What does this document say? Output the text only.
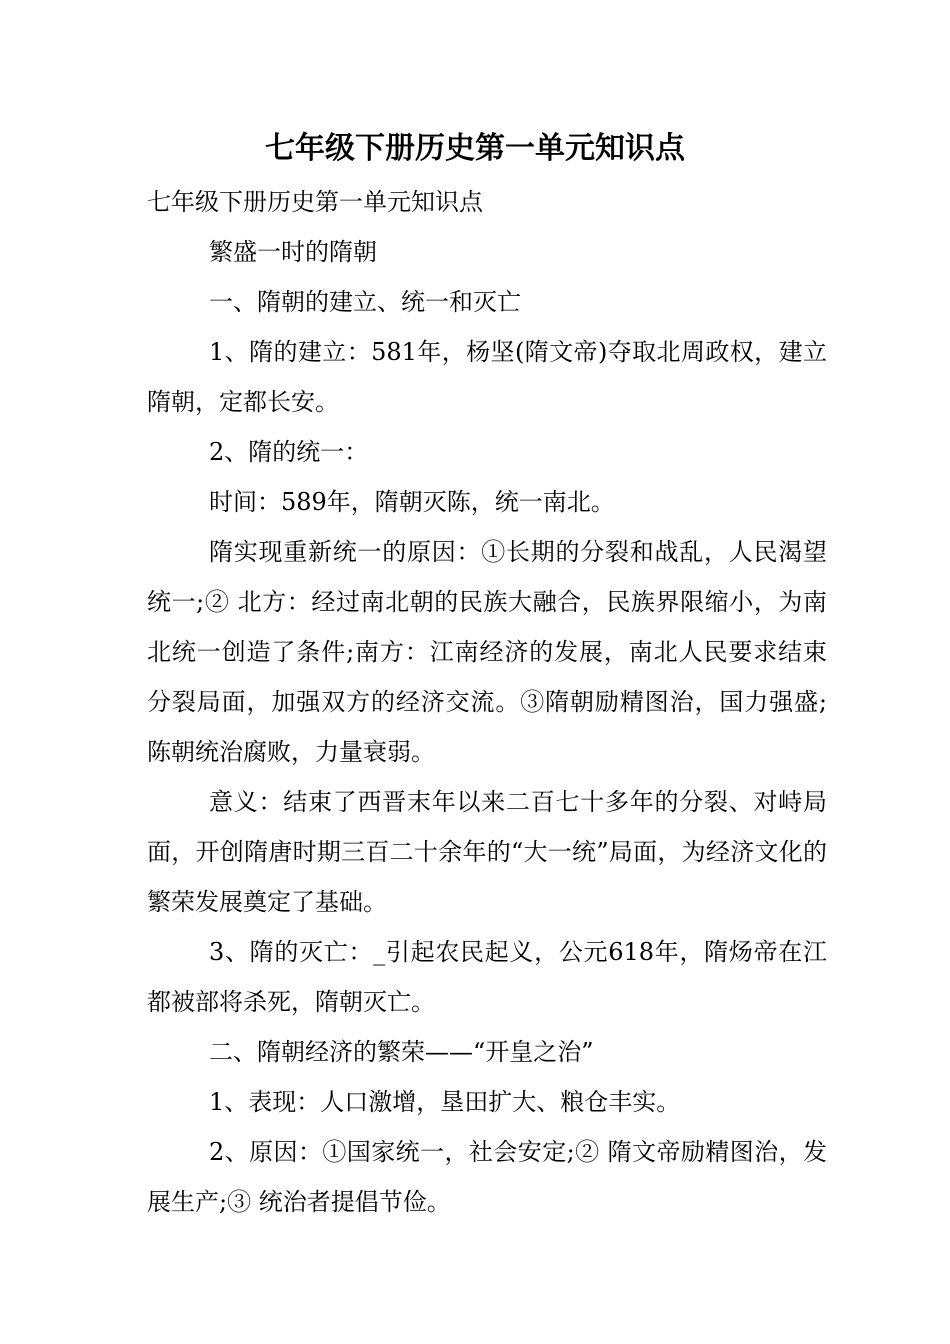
七年级下册历史第一单元知识点

七年级下册历史第一单元知识点

繁盛一时的隋朝

一、隋朝的建立、统一和灭亡

1、隋的建立：581年，杨坚(隋文帝)夺取北周政权，建立隋朝，定都长安。

2、隋的统一：

时间：589年，隋朝灭陈，统一南北。

隋实现重新统一的原因：①长期的分裂和战乱，人民渴望统一;② 北方：经过南北朝的民族大融合，民族界限缩小，为南北统一创造了条件;南方：江南经济的发展，南北人民要求结束分裂局面，加强双方的经济交流。③隋朝励精图治，国力强盛;陈朝统治腐败，力量衰弱。

意义：结束了西晋末年以来二百七十多年的分裂、对峙局面，开创隋唐时期三百二十余年的“大一统”局面，为经济文化的繁荣发展奠定了基础。

3、隋的灭亡：_引起农民起义，公元618年，隋炀帝在江都被部将杀死，隋朝灭亡。

二、隋朝经济的繁荣——“开皇之治”

1、表现：人口激增，垦田扩大、粮仓丰实。

2、原因：①国家统一，社会安定;② 隋文帝励精图治，发展生产;③ 统治者提倡节俭。
